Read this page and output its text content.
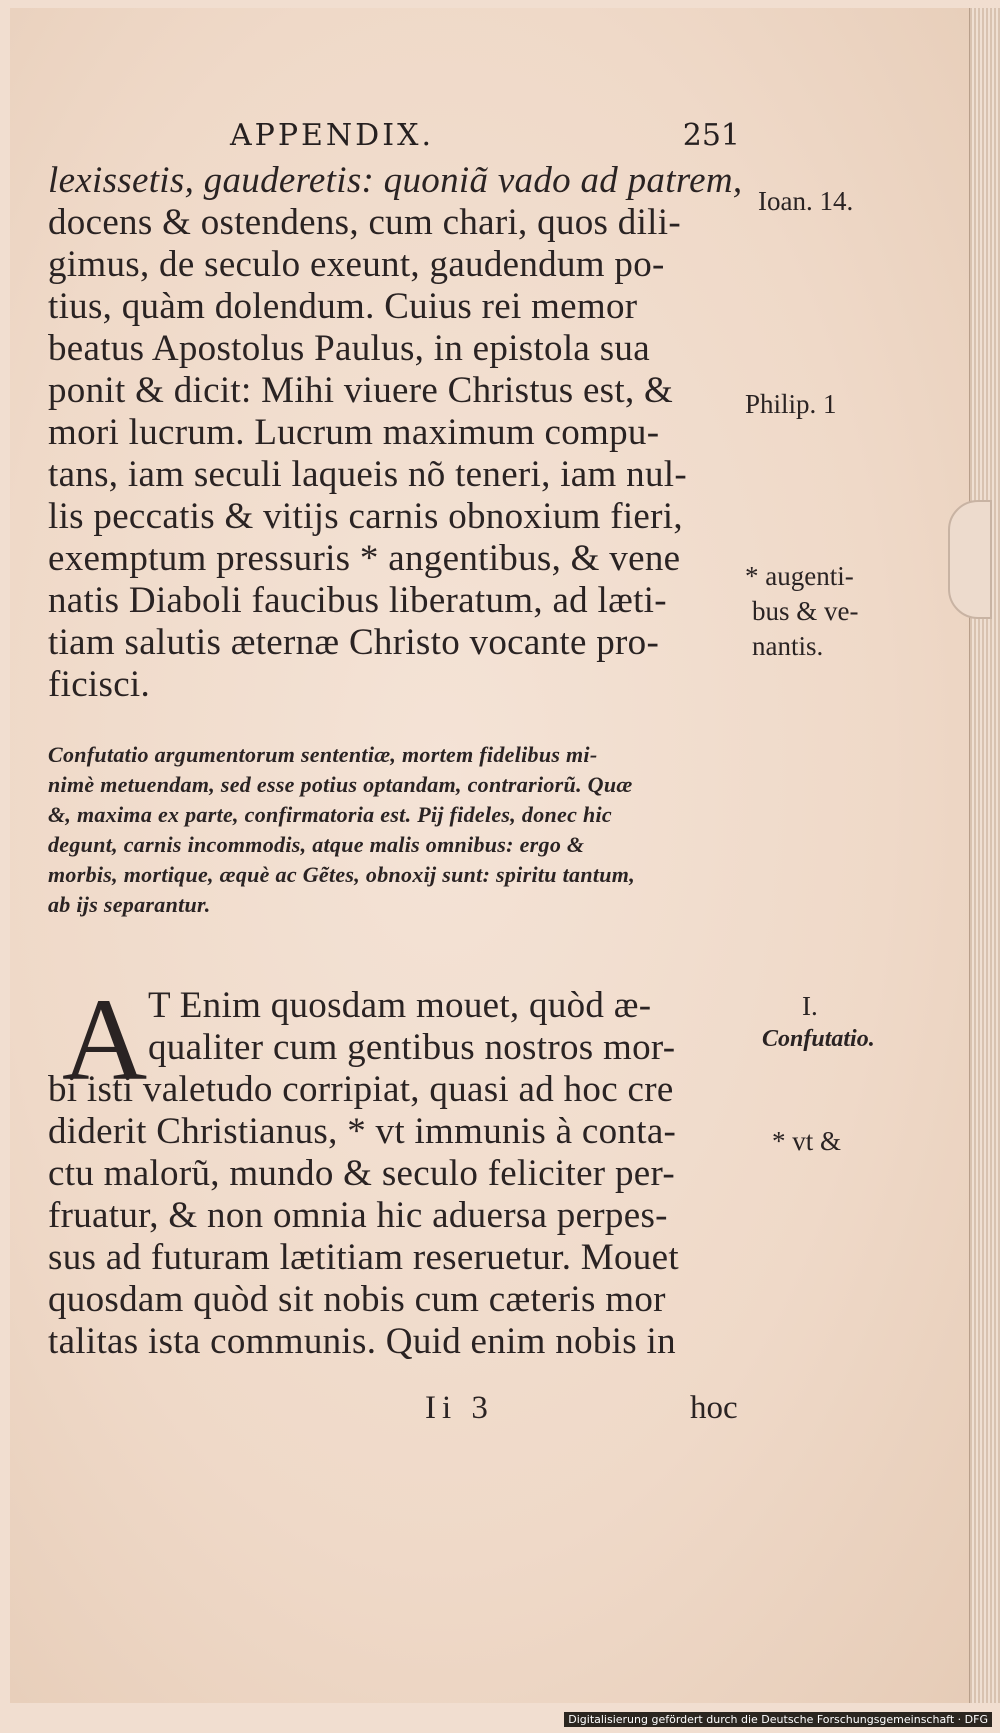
APPENDIX.	251
lexissetis, gauderetis: quoniã vado ad patrem,
docens & ostendens, cum chari, quos dili-
gimus, de seculo exeunt, gaudendum po-
tius, quàm dolendum. Cuius rei memor
beatus Apostolus Paulus, in epistola sua
ponit & dicit: Mihi viuere Christus est, &
mori lucrum. Lucrum maximum compu-
tans, iam seculi laqueis nõ teneri, iam nul-
lis peccatis & vitijs carnis obnoxium fieri,
exemptum pressuris * angentibus, & vene
natis Diaboli faucibus liberatum, ad læti-
tiam salutis æternæ Christo vocante pro-
ficisci.
Confutatio argumentorum sententiæ, mortem fidelibus mi-
nimè metuendam, sed esse potius optandam, contrariorũ. Quæ
&, maxima ex parte, confirmatoria est. Pij fideles, donec hic
degunt, carnis incommodis, atque malis omnibus: ergo &
morbis, mortique, æquè ac Gẽtes, obnoxij sunt: spiritu tantum,
ab ijs separantur.
A T Enim quosdam mouet, quòd æ-
qualiter cum gentibus nostros mor-
bi isti valetudo corripiat, quasi ad hoc cre
diderit Christianus, * vt immunis à conta-
ctu malorũ, mundo & seculo feliciter per-
fruatur, & non omnia hic aduersa perpes-
sus ad futuram lætitiam reseruetur. Mouet
quosdam quòd sit nobis cum cæteris mor
talitas ista communis. Quid enim nobis in
Ioan. 14.
Philip. 1
* augenti-
bus & ve-
nantis.
I.
Confutatio.
* vt &
Ii 3	hoc
Digitalisierung gefördert durch die Deutsche Forschungsgemeinschaft · DFG
